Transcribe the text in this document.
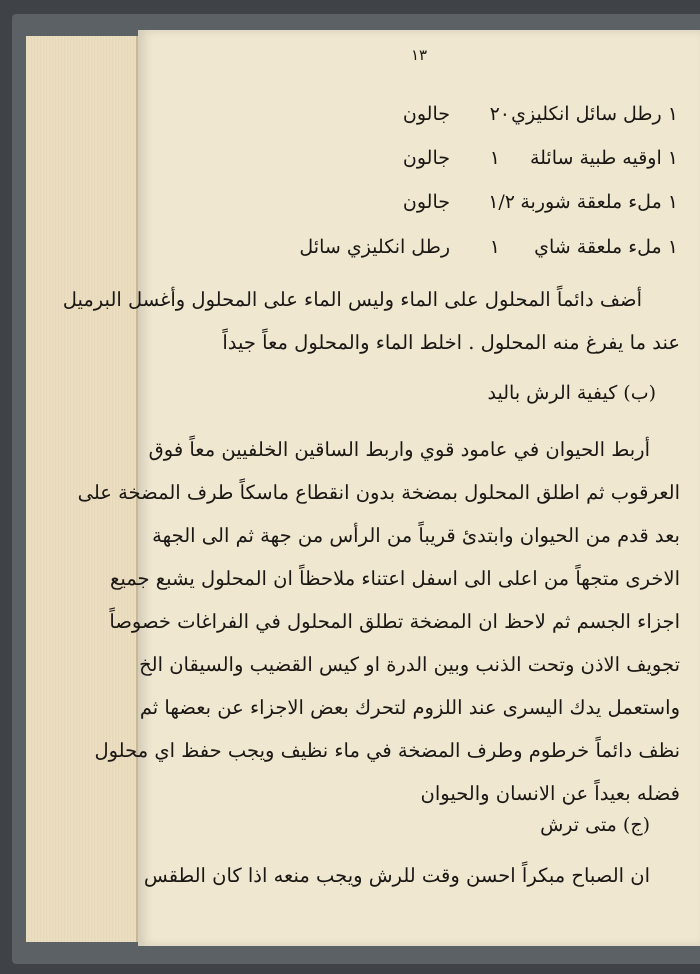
١٣
١ رطل سائل انكليزي
٢٠
جالون
١ اوقيه طبية سائلة
١
جالون
١ ملء ملعقة شوربة
١/٢
جالون
١ ملء ملعقة شاي
١
رطل انكليزي سائل
أضف دائماً المحلول على الماء وليس الماء على المحلول وأغسل البرميل
عند ما يفرغ منه المحلول . اخلط الماء والمحلول معاً جيداً
(ب) كيفية الرش باليد
أربط الحيوان في عامود قوي واربط الساقين الخلفيين معاً فوق
العرقوب ثم اطلق المحلول بمضخة بدون انقطاع ماسكاً طرف المضخة على
بعد قدم من الحيوان وابتدئ قريباً من الرأس من جهة ثم الى الجهة
الاخرى متجهاً من اعلى الى اسفل اعتناء ملاحظاً ان المحلول يشبع جميع
اجزاء الجسم ثم لاحظ ان المضخة تطلق المحلول في الفراغات خصوصاً
تجويف الاذن وتحت الذنب وبين الدرة او كيس القضيب والسيقان الخ
واستعمل يدك اليسرى عند اللزوم لتحرك بعض الاجزاء عن بعضها ثم
نظف دائماً خرطوم وطرف المضخة في ماء نظيف ويجب حفظ اي محلول
فضله بعيداً عن الانسان والحيوان
(ج) متى ترش
ان الصباح مبكراً احسن وقت للرش ويجب منعه اذا كان الطقس
